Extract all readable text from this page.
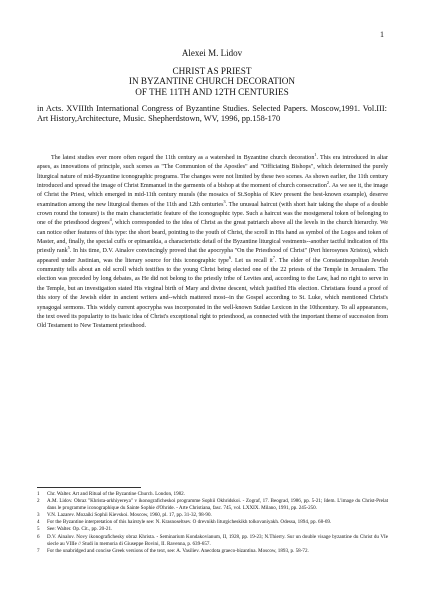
1
Alexei M. Lidov
CHRIST AS PRIEST
IN BYZANTINE CHURCH DECORATION
OF THE 11TH AND 12TH CENTURIES
in Acts. XVIIIth International Congress of Byzantine Studies. Selected Papers. Moscow,1991. Vol.III: Art History,Architecture, Music. Shepherdstown, WV, 1996, pp.158-170

The latest studies ever more often regard the 11th century as a watershed in Byzantine church decoration$^1$. This era introduced in altar apses, as innovations of principle, such scenes as "The Communion of the Apostles" and "Officiating Bishops", which determined the purely liturgical nature of mid-Byzantine iconographic programs. The changes were not limited by these two scenes. As shown earlier, the 11th century introduced and spread the image of Christ Emmanuel in the garments of a bishop at the moment of church consecration$^2$. As we see it, the image of Christ the Priest, which emerged in mid-11th century murals (the mosaics of St.Sophia of Kiev present the best-known example), deserve examination among the new liturgical themes of the 11th and 12th centuries$^3$. The unusual haircut (with short hair taking the shape of a double crown round the tonsure) is the main characteristic feature of the iconographic type. Such a haircut was the mostgeneral token of belonging to one of the priesthood degrees$^4$, which corresponded to the idea of Christ as the great patriarch above all the levels in the church hierarchy. We can notice other features of this type: the short beard, pointing to the youth of Christ, the scroll in His hand as symbol of the Logos and token of Master, and, finally, the special cuffs or epimanikia, a characteristic detail of the Byzantine liturgical vestments--another tactful indication of His priestly rank$^5$. In his time, D.V. Ainalov convincingly proved that the apocrypha "On the Priesthood of Christ" (Peri hierosynes Xristou), which appeared under Justinian, was the literary source for this iconographic type$^6$. Let us recall $it^7$. The elder of the Constantinopolitan Jewish community tells about an old scroll which testifies to the young Christ being elected one of the 22 priests of the Temple in Jerusalem. The election was preceded by long debates, as He did not belong to the priestly tribe of Levites and, according to the Law, had no right to serve in the Temple, but an investigation stated His virginal birth of Mary and divine descent, which justified His election. Christians found a proof of this story of the Jewish elder in ancient writers and--which mattered most--in the Gospel according to St. Luke, which mentioned Christ's synagogal sermons. This widely current apocrypha was incorporated in the well-known Suidae Lexicon in the 10thcentury. To all appearances, the text owed its popularity to its basic idea of Christ's exceptional right to priesthood, as connected with the important theme of succession from Old Testament to New Testament priesthood.

1 Chr. Walter. Art and Ritual of the Byzantine Church. London, 1982.

2 A.M. Lidov. Obraz "Khrista-arkhiyereya" v ikonograficheskoi programme Sophii Okhridskoi. - Zograf, 17. Beograd, 1986, pp. 5-21; Idem. L'image du Christ-Prelat dans le programme iconographique du Sainte Sophie d'Ohride. - Arte Christiana, fasc. 745, vol. LXXIX. Milano, 1991, pp. 245-250.

3 V.N. Lazarev. Mozaiki Sophii Kievskoi. Moscow, 1960, pl. 17, pp. 31-32, 98-90.

4 For the Byzantine interpretation of this hairstyle see: N. Krasnoseltsev. O drevnikh liturgicheskikh tolkovaniyakh. Odessa, 1894, pp. 68-69.

5 See: Walter. Op. Cit., pp. 20-21.

6 D.V. Ainalov. Novy ikonografichesky obraz Khrista. - Seminarium Kondakovianum, II, 1928, pp. 19-23; N.Thierry. Sur un double visage byzantine du Christ du VIe siecle au VIIIe // Studi in memoria di Giuseppe Bovini, II. Ravenna, p. 639-657.

7 For the unabridged and concise Greek versions of the text, see: A. Vasiliev. Anecdota graeco-bizantina. Moscow, 1893, p. 58-72.
